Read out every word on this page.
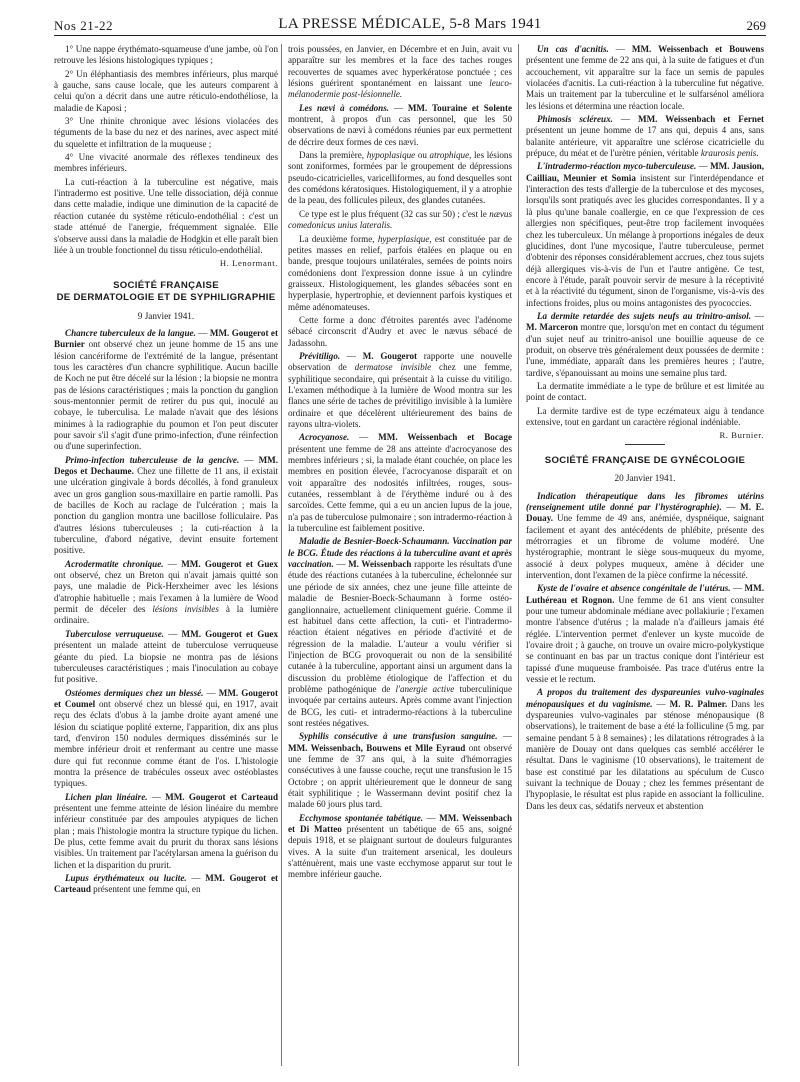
Nos 21-22	LA PRESSE MÉDICALE, 5-8 Mars 1941	269

1° Une nappe érythémato-squameuse d'une jambe, où l'on retrouve les lésions histologiques typiques ;

2° Un éléphantiasis des membres inférieurs, plus marqué à gauche, sans cause locale, que les auteurs comparent à celui qu'on a décrit dans une autre réticulo-endothéliose, la maladie de Kaposi ;

3° Une rhinite chronique avec lésions violacées des téguments de la base du nez et des narines, avec aspect mité du squelette et infiltration de la muqueuse ;

4° Une vivacité anormale des réflexes tendineux des membres inférieurs.

La cuti-réaction à la tuberculine est négative, mais l'intradermo est positive. Une telle dissociation, déjà connue dans cette maladie, indique une diminution de la capacité de réaction cutanée du système réticulo-endothélial : c'est un stade atténué de l'anergie, fréquemment signalée. Elle s'observe aussi dans la maladie de Hodgkin et elle paraît bien liée à un trouble fonctionnel du tissu réticulo-endothélial.

H. Lenormant.

SOCIÉTÉ FRANÇAISE
DE DERMATOLOGIE ET DE SYPHILIGRAPHIE
9 Janvier 1941.

Chancre tuberculeux de la langue. — MM. Gougerot et Burnier ont observé chez un jeune homme de 15 ans une lésion cancériforme de l'extrémité de la langue, présentant tous les caractères d'un chancre syphilitique. Aucun bacille de Koch ne put être décelé sur la lésion ; la biopsie ne montra pas de lésions caractéristiques ; mais la ponction du ganglion sous-mentonnier permit de retirer du pus qui, inoculé au cobaye, le tuberculisa. Le malade n'avait que des lésions minimes à la radiographie du poumon et l'on peut discuter pour savoir s'il s'agit d'une primo-infection, d'une réinfection ou d'une superinfection.

Primo-infection tuberculeuse de la gencive. — MM. Degos et Dechaume. Chez une fillette de 11 ans, il existait une ulcération gingivale à bords décollés, à fond granuleux avec un gros ganglion sous-maxillaire en partie ramolli. Pas de bacilles de Koch au raclage de l'ulcération ; mais la ponction du ganglion montra une bacillose folliculaire. Pas d'autres lésions tuberculeuses ; la cuti-réaction à la tuberculine, d'abord négative, devint ensuite fortement positive.

Acrodermatite chronique. — MM. Gougerot et Guex ont observé, chez un Breton qui n'avait jamais quitté son pays, une maladie de Pick-Herxheimer avec les lésions d'atrophie habituelle ; mais l'examen à la lumière de Wood permit de déceler des lésions invisibles à la lumière ordinaire.

Tuberculose verruqueuse. — MM. Gougerot et Guex présentent un malade atteint de tuberculose verruqueuse géante du pied. La biopsie ne montra pas de lésions tuberculeuses caractéristiques ; mais l'inoculation au cobaye fut positive.

Ostéomes dermiques chez un blessé. — MM. Gougerot et Coumel ont observé chez un blessé qui, en 1917, avait reçu des éclats d'obus à la jambe droite ayant amené une lésion du sciatique poplité externe, l'apparition, dix ans plus tard, d'environ 150 nodules dermiques disséminés sur le membre inférieur droit et renfermant au centre une masse dure qui fut reconnue comme étant de l'os. L'histologie montra la présence de trabécules osseux avec ostéoblastes typiques.

Lichen plan linéaire. — MM. Gougerot et Carteaud présentent une femme atteinte de lésion linéaire du membre inférieur constituée par des ampoules atypiques de lichen plan ; mais l'histologie montra la structure typique du lichen. De plus, cette femme avait du prurit du thorax sans lésions visibles. Un traitement par l'acétylarsan amena la guérison du lichen et la disparition du prurit.

Lupus érythémateux ou lucite. — MM. Gougerot et Carteaud présentent une femme qui, en

trois poussées, en Janvier, en Décembre et en Juin, avait vu apparaître sur les membres et la face des taches rouges recouvertes de squames avec hyperkératose ponctuée ; ces lésions guérirent spontanément en laissant une leuco-mélanodermie post-lésionnelle.

Les nævi à comédons. — MM. Touraine et Solente montrent, à propos d'un cas personnel, que les 50 observations de nævi à comédons réunies par eux permettent de décrire deux formes de ces nævi.

Dans la première, hypoplasique ou atrophique, les lésions sont zoniformes, formées par le groupement de dépressions pseudo-cicatricielles, varicelliformes, au fond desquelles sont des comédons kératosiques. Histologiquement, il y a atrophie de la peau, des follicules pileux, des glandes cutanées.

Ce type est le plus fréquent (32 cas sur 50) ; c'est le nævus comedonicus unius lateralis.

La deuxième forme, hyperplasique, est constituée par de petites masses en relief, parfois étalées en plaque ou en bande, presque toujours unilatérales, semées de points noirs comédoniens dont l'expression donne issue à un cylindre graisseux. Histologiquement, les glandes sébacées sont en hyperplasie, hypertrophie, et deviennent parfois kystiques et même adénomateuses.

Cette forme a donc d'étroites parentés avec l'adénome sébacé circonscrit d'Audry et avec le nævus sébacé de Jadassohn.

Prévitiligo. — M. Gougerot rapporte une nouvelle observation de dermatose invisible chez une femme, syphilitique secondaire, qui présentait à la cuisse du vitiligo. L'examen méthodique à la lumière de Wood montra sur les flancs une série de taches de prévitiligo invisible à la lumière ordinaire et que décelèrent ultérieurement des bains de rayons ultra-violets.

Acrocyanose. — MM. Weissenbach et Bocage présentent une femme de 28 ans atteinte d'acrocyanose des membres inférieurs ; si, la malade étant couchée, on place les membres en position élevée, l'acrocyanose disparaît et on voit apparaître des nodosités infiltrées, rouges, sous-cutanées, ressemblant à de l'érythème induré ou à des sarcoïdes. Cette femme, qui a eu un ancien lupus de la joue, n'a pas de tuberculose pulmonaire ; son intradermo-réaction à la tuberculine est faiblement positive.

Maladie de Besnier-Boeck-Schaumann. Vaccination par le BCG. Étude des réactions à la tuberculine avant et après vaccination. — M. Weissenbach rapporte les résultats d'une étude des réactions cutanées à la tuberculine, échelonnée sur une période de six années, chez une jeune fille atteinte de maladie de Besnier-Boeck-Schaumann à forme ostéo-ganglionnaire, actuellement cliniquement guérie. Comme il est habituel dans cette affection, la cuti- et l'intradermo-réaction étaient négatives en période d'activité et de régression de la maladie. L'auteur a voulu vérifier si l'injection de BCG provoquerait ou non de la sensibilité cutanée à la tuberculine, apportant ainsi un argument dans la discussion du problème étiologique de l'affection et du problème pathogénique de l'anergie active tuberculinique invoquée par certains auteurs. Après comme avant l'injection de BCG, les cuti- et intradermo-réactions à la tuberculine sont restées négatives.

Syphilis consécutive à une transfusion sanguine. — MM. Weissenbach, Bouwens et Mlle Eyraud ont observé une femme de 37 ans qui, à la suite d'hémorragies consécutives à une fausse couche, reçut une transfusion le 15 Octobre ; on apprit ultérieurement que le donneur de sang était syphilitique ; le Wassermann devint positif chez la malade 60 jours plus tard.

Ecchymose spontanée tabétique. — MM. Weissenbach et Di Matteo présentent un tabétique de 65 ans, soigné depuis 1918, et se plaignant surtout de douleurs fulgurantes vives. A la suite d'un traitement arsenical, les douleurs s'atténuèrent, mais une vaste ecchymose apparut sur tout le membre inférieur gauche.

Un cas d'acnitis. — MM. Weissenbach et Bouwens présentent une femme de 22 ans qui, à la suite de fatigues et d'un accouchement, vit apparaître sur la face un semis de papules violacées d'acnitis. La cuti-réaction à la tuberculine fut négative. Mais un traitement par la tuberculine et le sulfarsénol améliora les lésions et détermina une réaction locale.

Phimosis scléreux. — MM. Weissenbach et Fernet présentent un jeune homme de 17 ans qui, depuis 4 ans, sans balanite antérieure, vit apparaître une sclérose cicatricielle du prépuce, du méat et de l'urètre pénien, véritable kraurosis penis.

L'intradermo-réaction myco-tuberculeuse. — MM. Jausion, Cailliau, Meunier et Somia insistent sur l'interdépendance et l'interaction des tests d'allergie de la tuberculose et des mycoses, lorsqu'ils sont pratiqués avec les glucides correspondantes. Il y a là plus qu'une banale coallergie, en ce que l'expression de ces allergies non spécifiques, peut-être trop facilement invoquées chez les tuberculeux. Un mélange à proportions inégales de deux glucidines, dont l'une mycosique, l'autre tuberculeuse, permet d'obtenir des réponses considérablement accrues, chez tous sujets déjà allergiques vis-à-vis de l'un et l'autre antigène. Ce test, encore à l'étude, paraît pouvoir servir de mesure à la réceptivité et à la réactivité du tégument, sinon de l'organisme, vis-à-vis des infections froides, plus ou moins antagonistes des pyococcies.

La dermite retardée des sujets neufs au trinitro-anisol. — M. Marceron montre que, lorsqu'on met en contact du tégument d'un sujet neuf au trinitro-anisol une bouillie aqueuse de ce produit, on observe très généralement deux poussées de dermite : l'une, immédiate, apparaît dans les premières heures ; l'autre, tardive, s'épanouissant au moins une semaine plus tard.

La dermatite immédiate a le type de brûlure et est limitée au point de contact.

La dermite tardive est de type eczémateux aigu à tendance extensive, tout en gardant un caractère régional indéniable.

R. Burnier.

SOCIÉTÉ FRANÇAISE DE GYNÉCOLOGIE
20 Janvier 1941.

Indication thérapeutique dans les fibromes utérins (renseignement utile donné par l'hystérographie). — M. E. Douay. Une femme de 49 ans, anémiée, dyspnéique, saignant facilement et ayant des antécédents de phlébite, présente des métrorragies et un fibrome de volume modéré. Une hystérographie, montrant le siège sous-muqueux du myome, associé à deux polypes muqueux, amène à décider une intervention, dont l'examen de la pièce confirme la nécessité.

Kyste de l'ovaire et absence congénitale de l'utérus. — MM. Luthéreau et Rognon. Une femme de 61 ans vient consulter pour une tumeur abdominale médiane avec pollakiurie ; l'examen montre l'absence d'utérus ; la malade n'a d'ailleurs jamais été réglée. L'intervention permet d'enlever un kyste mucoïde de l'ovaire droit ; à gauche, on trouve un ovaire micro-polykystique se continuant en bas par un tractus conique dont l'intérieur est tapissé d'une muqueuse framboisée. Pas trace d'utérus entre la vessie et le rectum.

A propos du traitement des dyspareunies vulvo-vaginales ménopausiques et du vaginisme. — M. R. Palmer. Dans les dyspareunies vulvo-vaginales par sténose ménopausique (8 observations), le traitement de base a été la folliculine (5 mg. par semaine pendant 5 à 8 semaines) ; les dilatations rétrogrades à la manière de Douay ont dans quelques cas semblé accélérer le résultat. Dans le vaginisme (10 observations), le traitement de base est constitué par les dilatations au spéculum de Cusco suivant la technique de Douay ; chez les femmes présentant de l'hypoplasie, le résultat est plus rapide en associant la folliculine. Dans les deux cas, sédatifs nerveux et abstention
